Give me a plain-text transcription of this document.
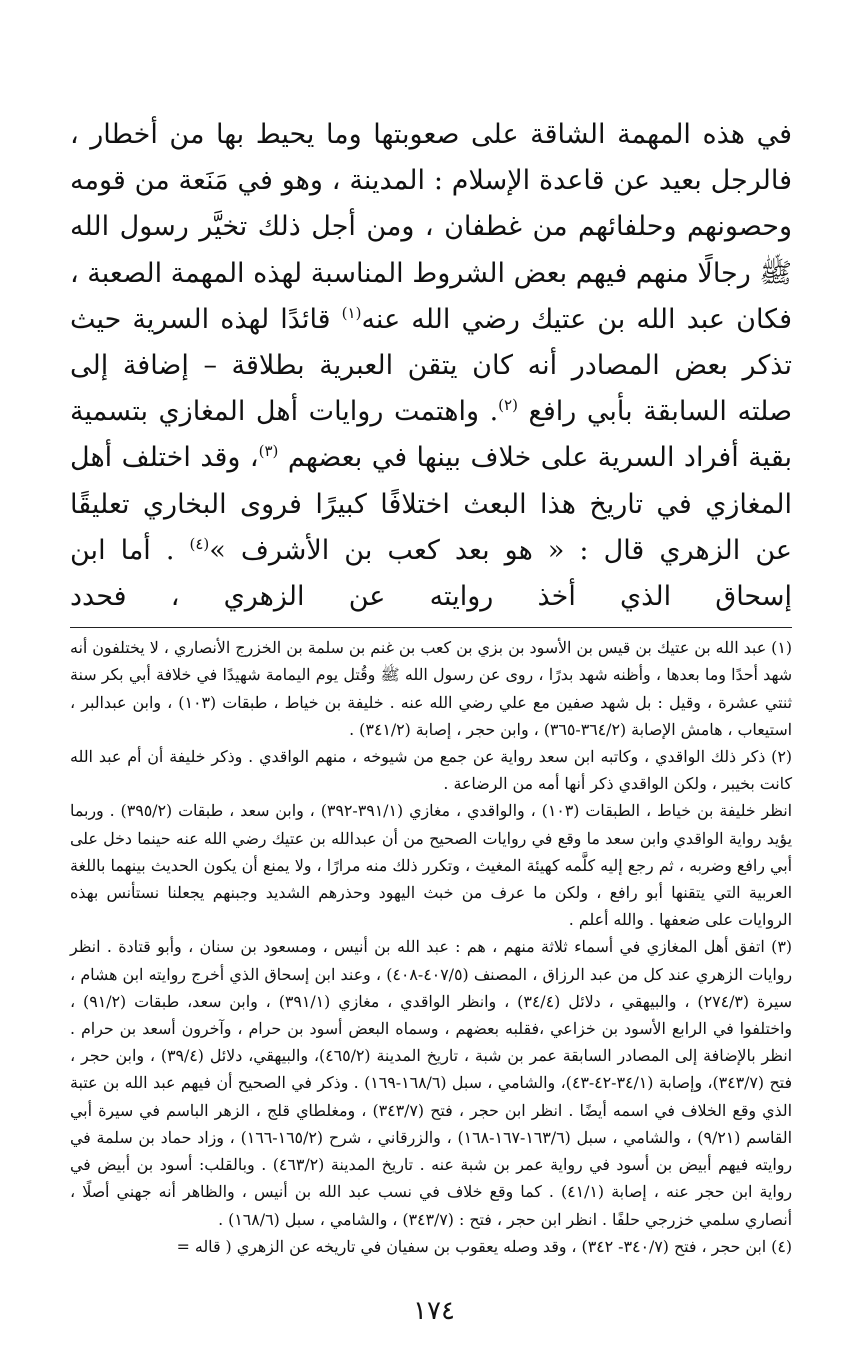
في هذه المهمة الشاقة على صعوبتها وما يحيط بها من أخطار ، فالرجل بعيد عن قاعدة الإسلام : المدينة ، وهو في مَنَعة من قومه وحصونهم وحلفائهم من غطفان ، ومن أجل ذلك تخيَّر رسول الله ﷺ رجالًا منهم فيهم بعض الشروط المناسبة لهذه المهمة الصعبة ، فكان عبد الله بن عتيك رضي الله عنه$^{(١)}$ قائدًا لهذه السرية حيث تذكر بعض المصادر أنه كان يتقن العبرية بطلاقة – إضافة إلى صلته السابقة بأبي رافع $^{(٢)}$. واهتمت روايات أهل المغازي بتسمية بقية أفراد السرية على خلاف بينها في بعضهم $^{(٣)}$، وقد اختلف أهل المغازي في تاريخ هذا البعث اختلافًا كبيرًا فروى البخاري تعليقًا عن الزهري قال : « هو بعد كعب بن الأشرف »$^{(٤)}$ . أما ابن إسحاق الذي أخذ روايته عن الزهري ، فحدد

(١) عبد الله بن عتيك بن قيس بن الأسود بن بزي بن كعب بن غنم بن سلمة بن الخزرج الأنصاري ، لا يختلفون أنه شهد أحدًا وما بعدها ، وأظنه شهد بدرًا ، روى عن رسول الله ﷺ وقُتل يوم اليمامة شهيدًا في خلافة أبي بكر سنة ثنتي عشرة ، وقيل : بل شهد صفين مع علي رضي الله عنه . خليفة بن خياط ، طبقات (١٠٣) ، وابن عبدالبر ، استيعاب ، هامش الإصابة (٣٦٤/٢-٣٦٥) ، وابن حجر ، إصابة (٣٤١/٢) .

(٢) ذكر ذلك الواقدي ، وكاتبه ابن سعد رواية عن جمع من شيوخه ، منهم الواقدي . وذكر خليفة أن أم عبد الله كانت بخيبر ، ولكن الواقدي ذكر أنها أمه من الرضاعة .

انظر خليفة بن خياط ، الطبقات (١٠٣) ، والواقدي ، مغازي (٣٩١/١-٣٩٢) ، وابن سعد ، طبقات (٣٩٥/٢) . وربما يؤيد رواية الواقدي وابن سعد ما وقع في روايات الصحيح من أن عبدالله بن عتيك رضي الله عنه حينما دخل على أبي رافع وضربه ، ثم رجع إليه كلَّمه كهيئة المغيث ، وتكرر ذلك منه مرارًا ، ولا يمنع أن يكون الحديث بينهما باللغة العربية التي يتقنها أبو رافع ، ولكن ما عرف من خبث اليهود وحذرهم الشديد وجبنهم يجعلنا نستأنس بهذه الروايات على ضعفها . والله أعلم .

(٣) اتفق أهل المغازي في أسماء ثلاثة منهم ، هم : عبد الله بن أنيس ، ومسعود بن سنان ، وأبو قتادة . انظر روايات الزهري عند كل من عبد الرزاق ، المصنف (٤٠٧/٥-٤٠٨) ، وعند ابن إسحاق الذي أخرج روايته ابن هشام ، سيرة (٢٧٤/٣) ، والبيهقي ، دلائل (٣٤/٤) ، وانظر الواقدي ، مغازي (٣٩١/١) ، وابن سعد، طبقات (٩١/٢) ، واختلفوا في الرابع الأسود بن خزاعي ،فقلبه بعضهم ، وسماه البعض أسود بن حرام ، وآخرون أسعد بن حرام . انظر بالإضافة إلى المصادر السابقة عمر بن شبة ، تاريخ المدينة (٤٦٥/٢)، والبيهقي، دلائل (٣٩/٤) ، وابن حجر ، فتح (٣٤٣/٧)، وإصابة (٣٤/١-٤٢-٤٣)، والشامي ، سبل (١٦٨/٦-١٦٩) . وذكر في الصحيح أن فيهم عبد الله بن عتبة الذي وقع الخلاف في اسمه أيضًا . انظر ابن حجر ، فتح (٣٤٣/٧) ، ومغلطاي قلج ، الزهر الباسم في سيرة أبي القاسم (٩/٢١) ، والشامي ، سبل (١٦٣/٦-١٦٧-١٦٨) ، والزرقاني ، شرح (١٦٥/٢-١٦٦) ، وزاد حماد بن سلمة في روايته فيهم أبيض بن أسود في رواية عمر بن شبة عنه . تاريخ المدينة (٤٦٣/٢) . وبالقلب: أسود بن أبيض في رواية ابن حجر عنه ، إصابة (٤١/١) . كما وقع خلاف في نسب عبد الله بن أنيس ، والظاهر أنه جهني أصلًا ، أنصاري سلمي خزرجي حلفًا . انظر ابن حجر ، فتح : (٣٤٣/٧) ، والشامي ، سبل (١٦٨/٦) .

(٤) ابن حجر ، فتح (٣٤٠/٧- ٣٤٢) ، وقد وصله يعقوب بن سفيان في تاريخه عن الزهري ( قاله =

١٧٤
